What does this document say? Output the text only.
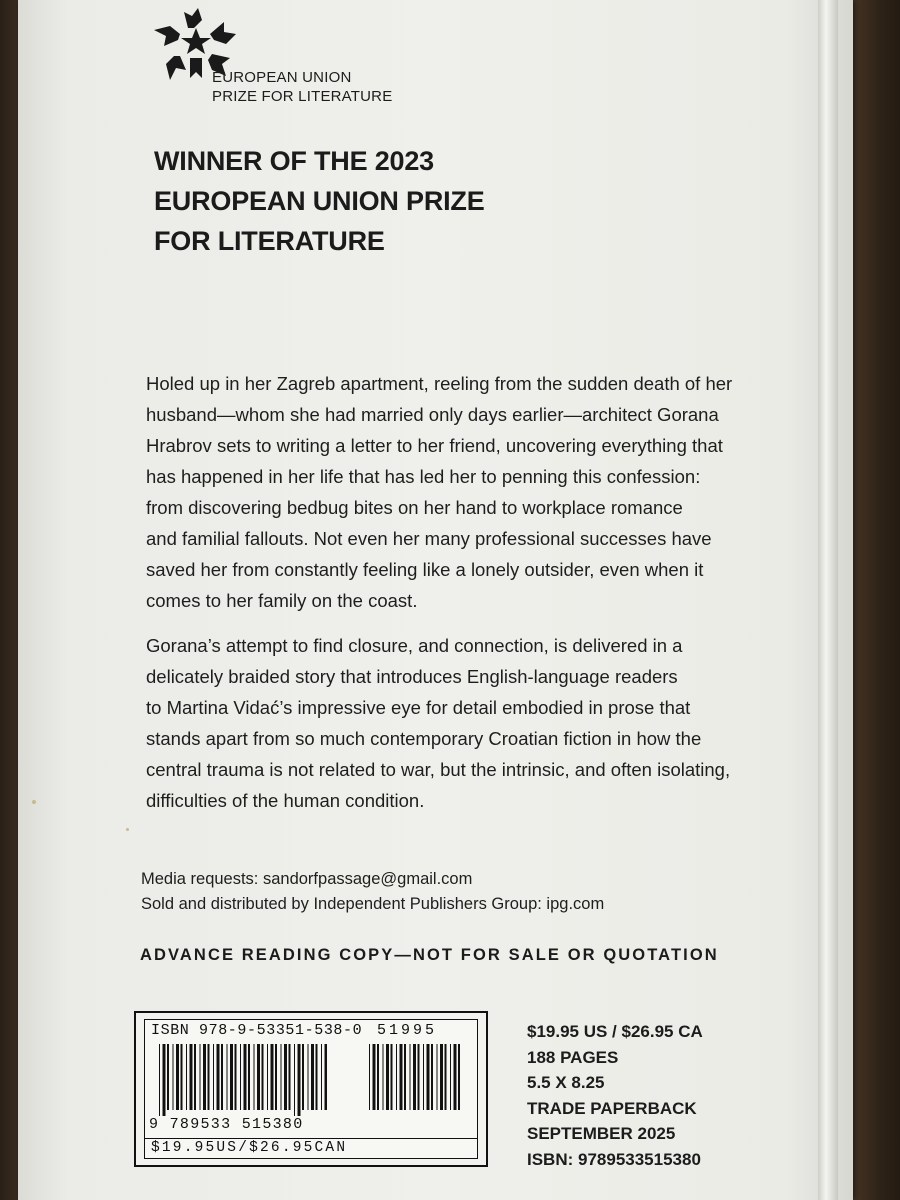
EUROPEAN UNION
PRIZE FOR LITERATURE
WINNER OF THE 2023
EUROPEAN UNION PRIZE
FOR LITERATURE
Holed up in her Zagreb apartment, reeling from the sudden death of her
husband—whom she had married only days earlier—architect Gorana
Hrabrov sets to writing a letter to her friend, uncovering everything that
has happened in her life that has led her to penning this confession:
from discovering bedbug bites on her hand to workplace romance
and familial fallouts. Not even her many professional successes have
saved her from constantly feeling like a lonely outsider, even when it
comes to her family on the coast.
Gorana’s attempt to find closure, and connection, is delivered in a
delicately braided story that introduces English-language readers
to Martina Vidać́’s impressive eye for detail embodied in prose that
stands apart from so much contemporary Croatian fiction in how the
central trauma is not related to war, but the intrinsic, and often isolating,
difficulties of the human condition.
Media requests: sandorfpassage@gmail.com
Sold and distributed by Independent Publishers Group: ipg.com
ADVANCE READING COPY—NOT FOR SALE OR QUOTATION
ISBN 978-9-53351-538-0 51995
9 789533 515380
$19.95US/$26.95CAN
$19.95 US / $26.95 CA
188 PAGES
5.5 X 8.25
TRADE PAPERBACK
SEPTEMBER 2025
ISBN: 9789533515380
